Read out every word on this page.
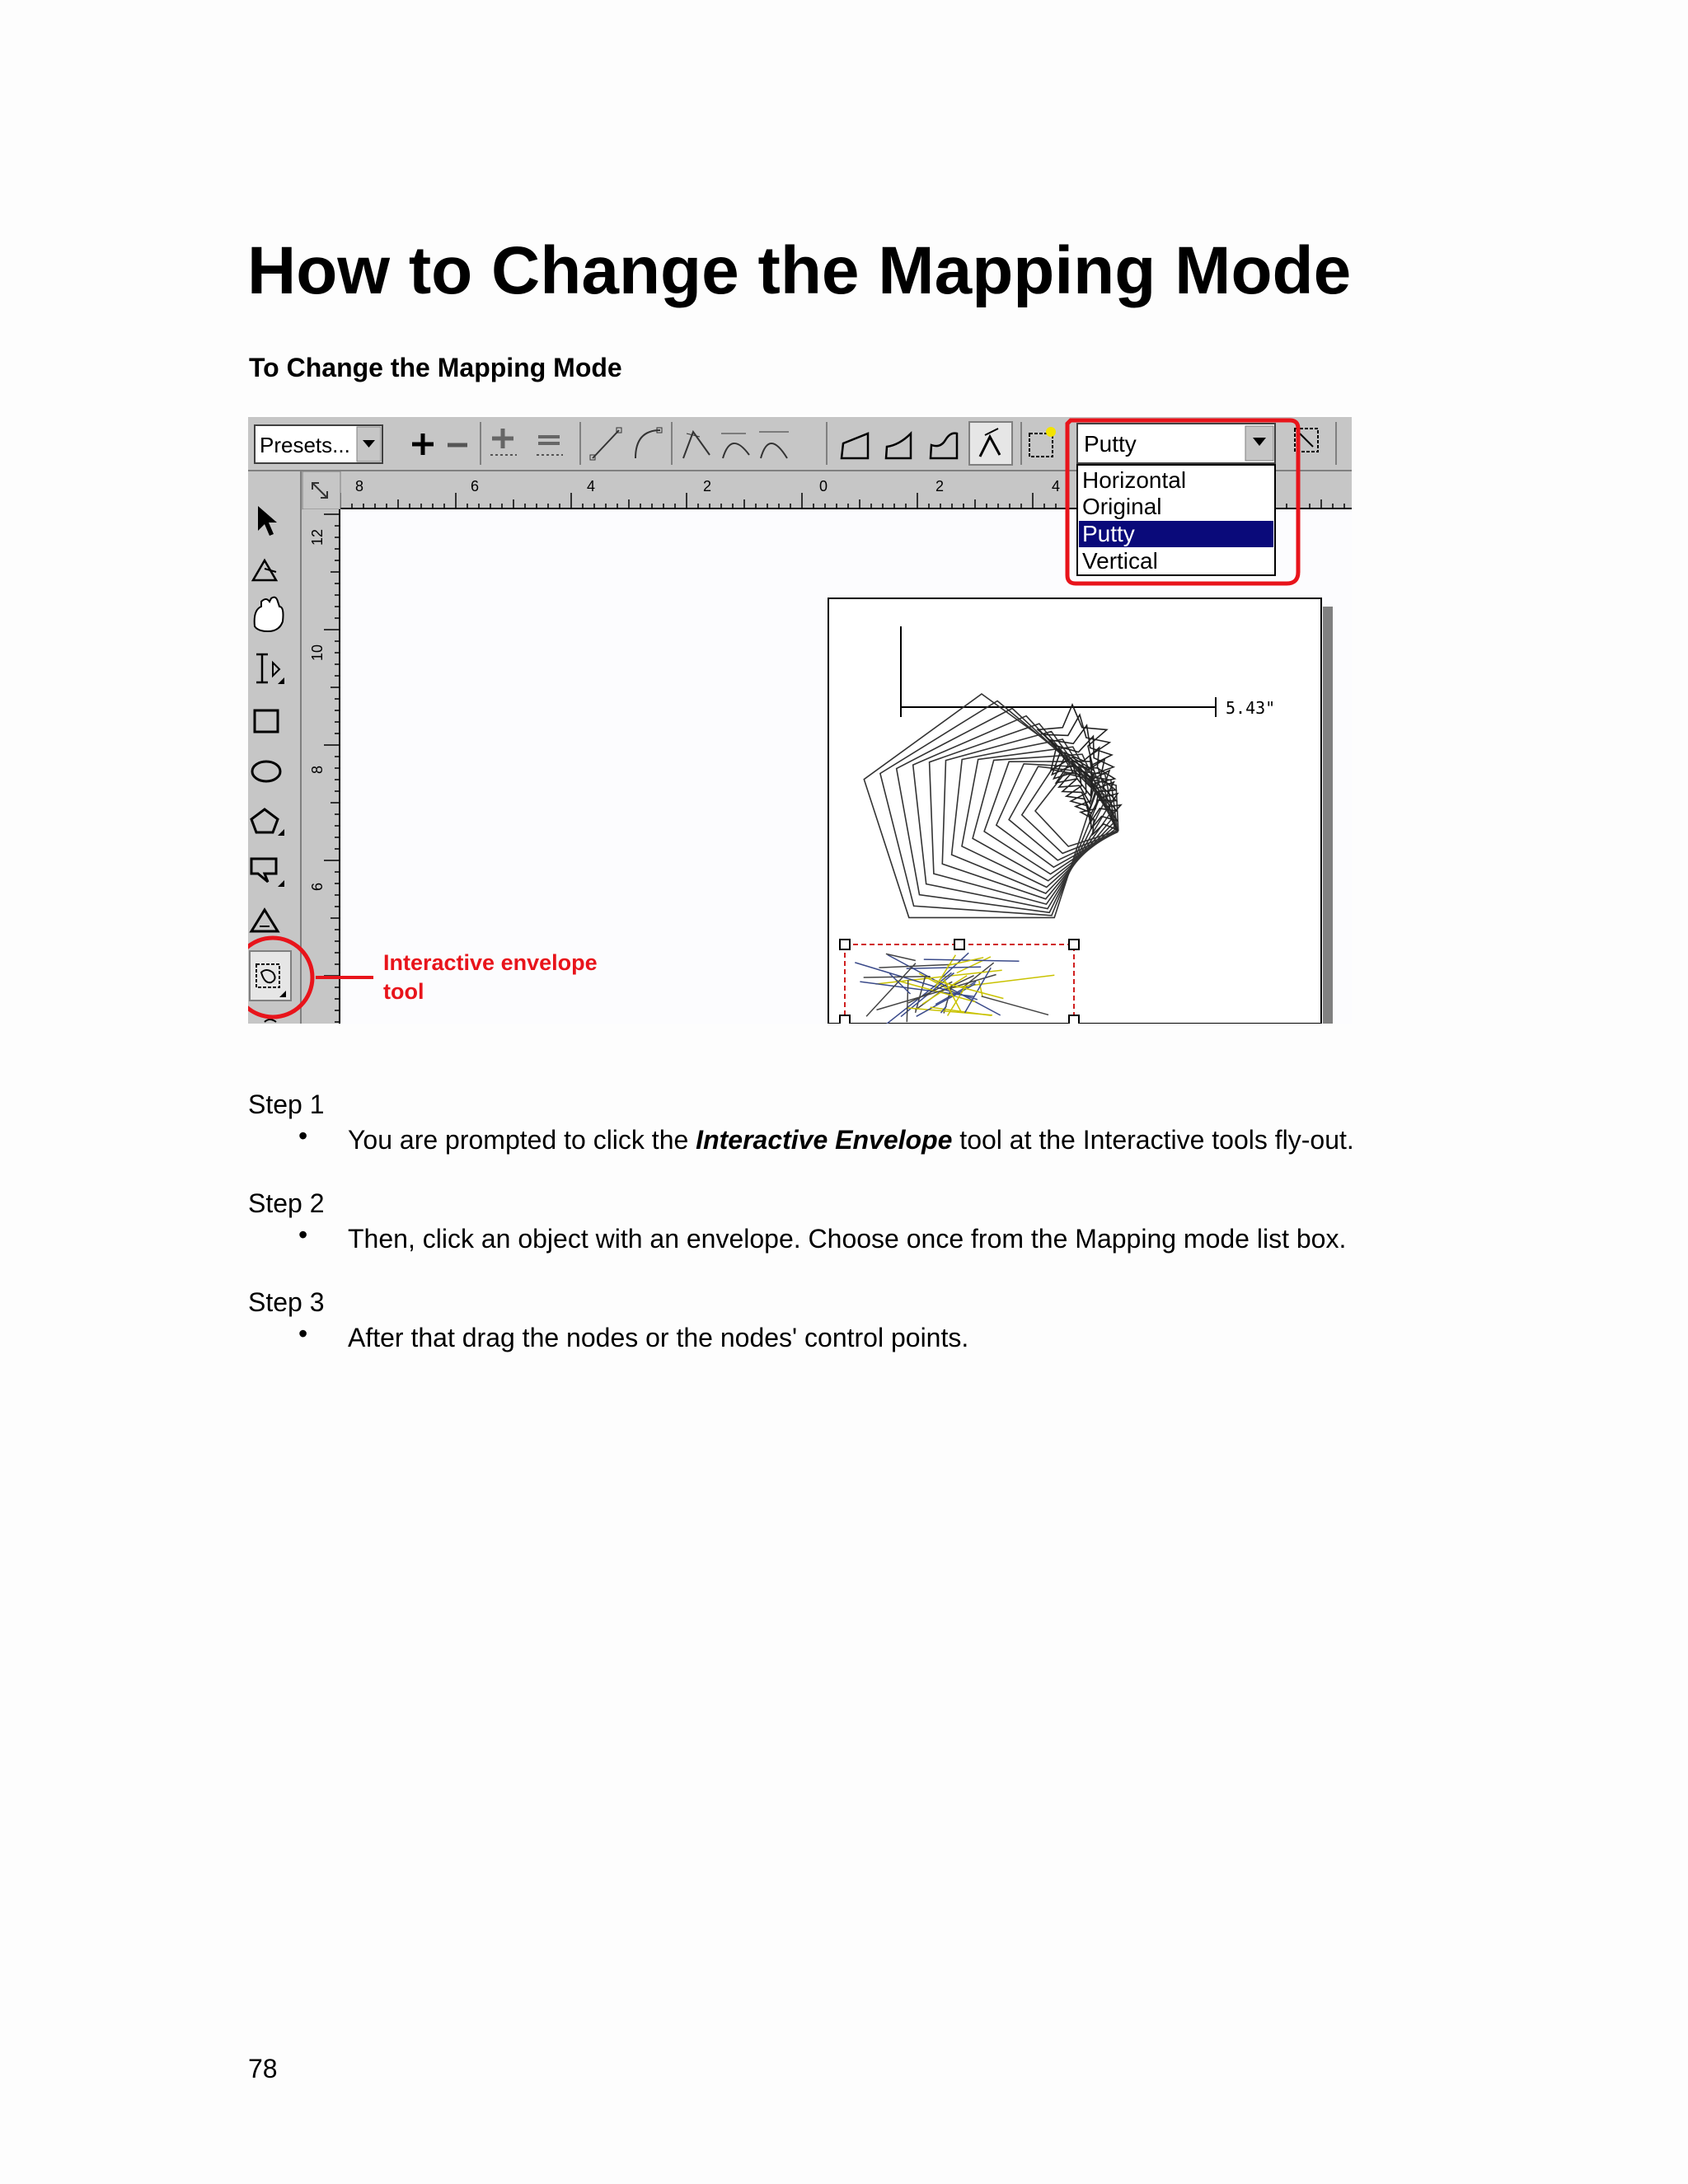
How to Change the Mapping Mode
To Change the Mapping Mode
Presets...	Putty
8	6	4	2	0	2	4
12
10
8
6
5.43"
Horizontal
Original
Putty
Vertical
Interactive envelope
tool
Step 1
• You are prompted to click the Interactive Envelope tool at the Interactive tools fly-out.
Step 2
• Then, click an object with an envelope. Choose once from the Mapping mode list box.
Step 3
• After that drag the nodes or the nodes' control points.
78
